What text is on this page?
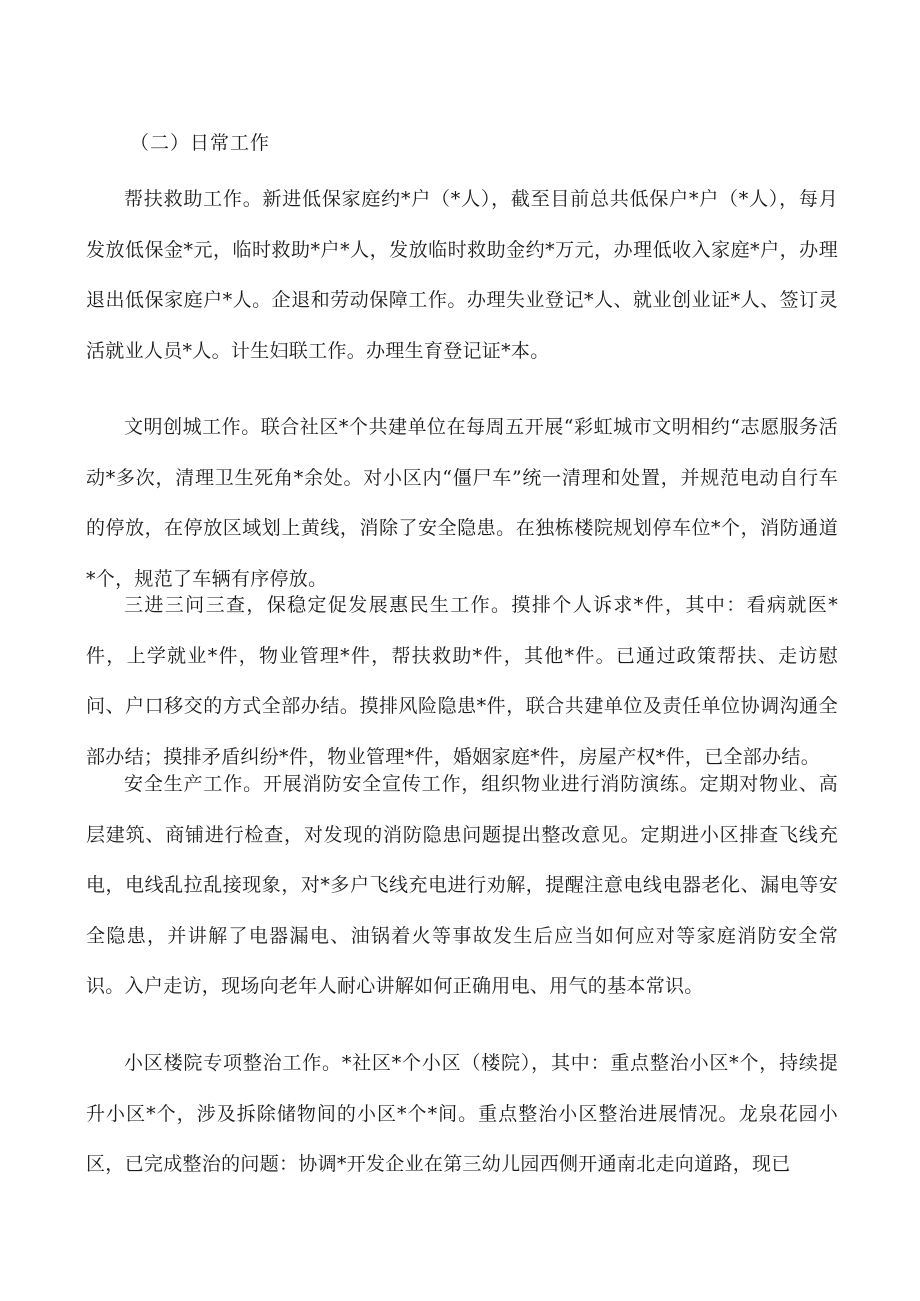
（二）日常工作

帮扶救助工作。新进低保家庭约*户（*人），截至目前总共低保户*户（*人），每月发放低保金*元，临时救助*户*人，发放临时救助金约*万元，办理低收入家庭*户，办理退出低保家庭户*人。企退和劳动保障工作。办理失业登记*人、就业创业证*人、签订灵活就业人员*人。计生妇联工作。办理生育登记证*本。

文明创城工作。联合社区*个共建单位在每周五开展“彩虹城市文明相约“志愿服务活动*多次，清理卫生死角*余处。对小区内“僵尸车”统一清理和处置，并规范电动自行车的停放，在停放区域划上黄线，消除了安全隐患。在独栋楼院规划停车位*个，消防通道*个，规范了车辆有序停放。

三进三问三查，保稳定促发展惠民生工作。摸排个人诉求*件，其中：看病就医*件，上学就业*件，物业管理*件，帮扶救助*件，其他*件。已通过政策帮扶、走访慰问、户口移交的方式全部办结。摸排风险隐患*件，联合共建单位及责任单位协调沟通全部办结；摸排矛盾纠纷*件，物业管理*件，婚姻家庭*件，房屋产权*件，已全部办结。

安全生产工作。开展消防安全宣传工作，组织物业进行消防演练。定期对物业、高层建筑、商铺进行检查，对发现的消防隐患问题提出整改意见。定期进小区排查飞线充电，电线乱拉乱接现象，对*多户飞线充电进行劝解，提醒注意电线电器老化、漏电等安全隐患，并讲解了电器漏电、油锅着火等事故发生后应当如何应对等家庭消防安全常识。入户走访，现场向老年人耐心讲解如何正确用电、用气的基本常识。

小区楼院专项整治工作。*社区*个小区（楼院），其中：重点整治小区*个，持续提升小区*个，涉及拆除储物间的小区*个*间。重点整治小区整治进展情况。龙泉花园小区，已完成整治的问题：协调*开发企业在第三幼儿园西侧开通南北走向道路，现已
